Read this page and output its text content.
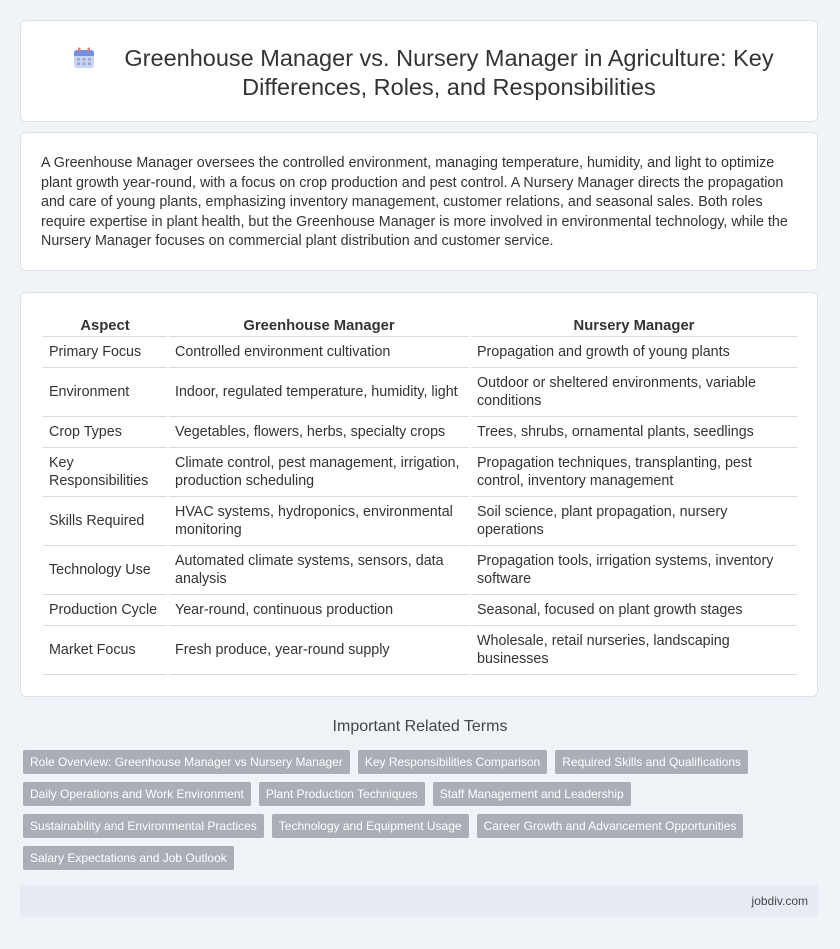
Greenhouse Manager vs. Nursery Manager in Agriculture: Key Differences, Roles, and Responsibilities

A Greenhouse Manager oversees the controlled environment, managing temperature, humidity, and light to optimize plant growth year-round, with a focus on crop production and pest control. A Nursery Manager directs the propagation and care of young plants, emphasizing inventory management, customer relations, and seasonal sales. Both roles require expertise in plant health, but the Greenhouse Manager is more involved in environmental technology, while the Nursery Manager focuses on commercial plant distribution and customer service.

Aspect	Greenhouse Manager	Nursery Manager
Primary Focus	Controlled environment cultivation	Propagation and growth of young plants
Environment	Indoor, regulated temperature, humidity, light	Outdoor or sheltered environments, variable conditions
Crop Types	Vegetables, flowers, herbs, specialty crops	Trees, shrubs, ornamental plants, seedlings
Key Responsibilities	Climate control, pest management, irrigation, production scheduling	Propagation techniques, transplanting, pest control, inventory management
Skills Required	HVAC systems, hydroponics, environmental monitoring	Soil science, plant propagation, nursery operations
Technology Use	Automated climate systems, sensors, data analysis	Propagation tools, irrigation systems, inventory software
Production Cycle	Year-round, continuous production	Seasonal, focused on plant growth stages
Market Focus	Fresh produce, year-round supply	Wholesale, retail nurseries, landscaping businesses
Important Related Terms
Role Overview: Greenhouse Manager vs Nursery Manager	Key Responsibilities Comparison	Required Skills and Qualifications
Daily Operations and Work Environment	Plant Production Techniques	Staff Management and Leadership
Sustainability and Environmental Practices	Technology and Equipment Usage	Career Growth and Advancement Opportunities
Salary Expectations and Job Outlook
jobdiv.com
